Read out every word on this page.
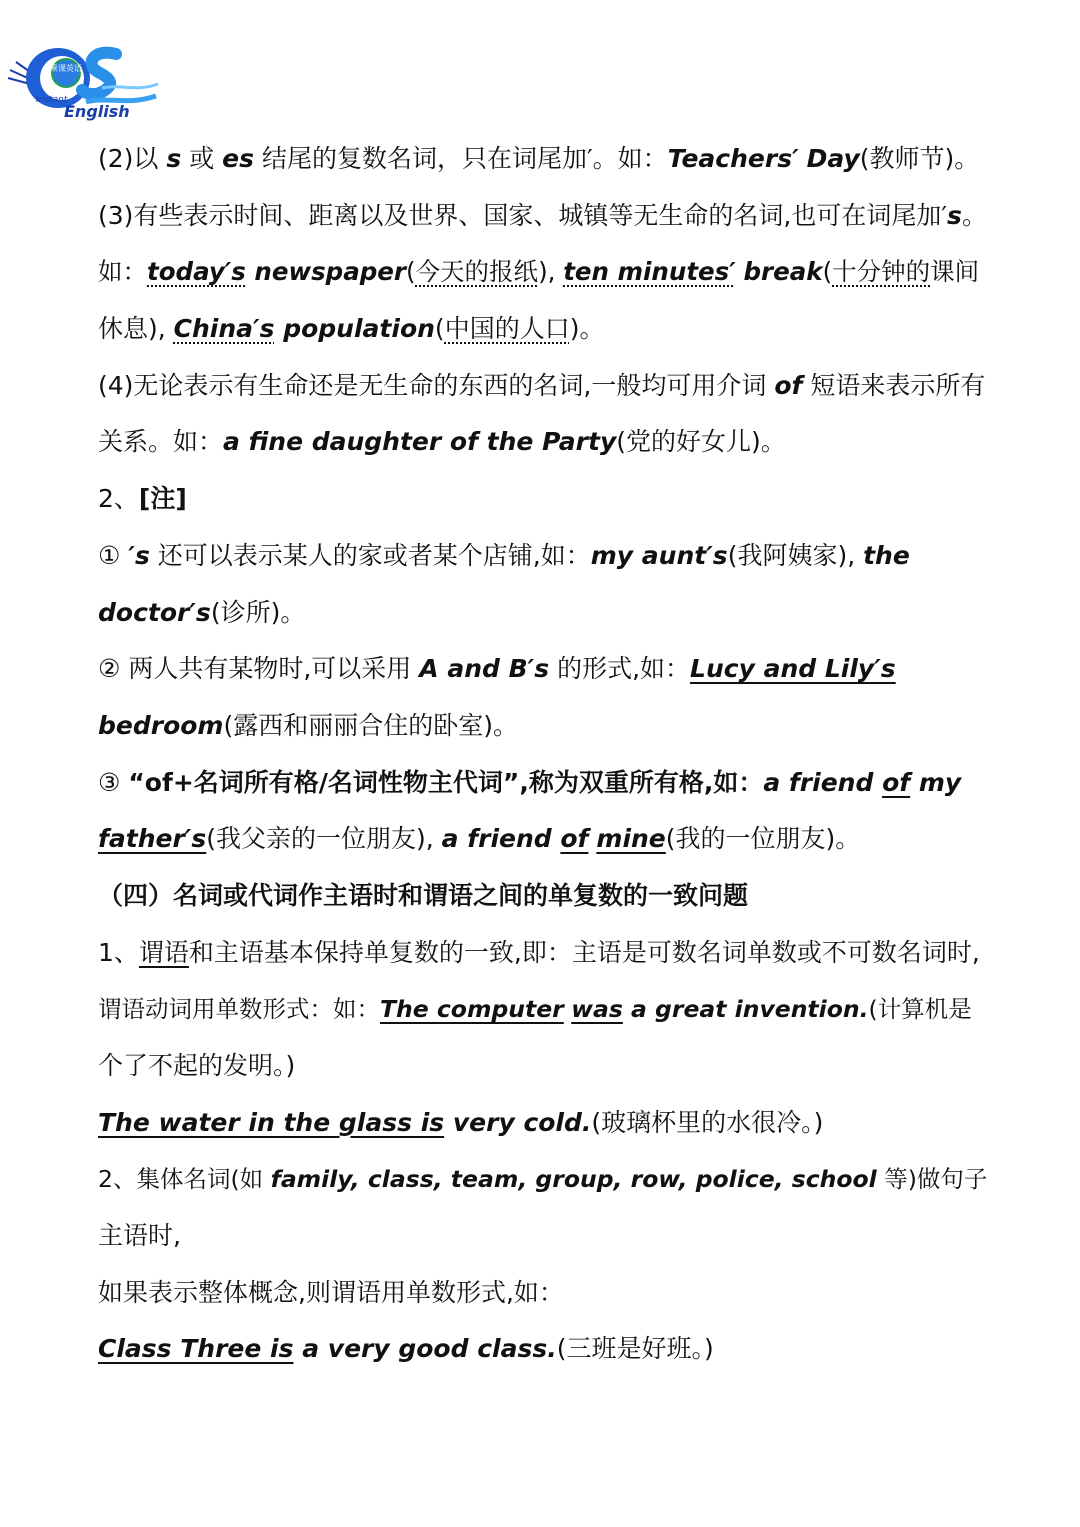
乘课英语
Instant
English
(2)以 s 或 es 结尾的复数名词，只在词尾加′。如：Teachers′ Day(教师节)。
(3)有些表示时间、距离以及世界、国家、城镇等无生命的名词,也可在词尾加′s。
如：today′s newspaper(今天的报纸), ten minutes′ break(十分钟的课间
休息), China′s population(中国的人口)。
(4)无论表示有生命还是无生命的东西的名词,一般均可用介词 of 短语来表示所有
关系。如：a fine daughter of the Party(党的好女儿)。
2、[注]
① ′s 还可以表示某人的家或者某个店铺,如：my aunt′s(我阿姨家), the
doctor′s(诊所)。
② 两人共有某物时,可以采用 A and B′s 的形式,如：Lucy and Lily′s
bedroom(露西和丽丽合住的卧室)。
③ “of+名词所有格/名词性物主代词”,称为双重所有格,如：a friend of my
father′s(我父亲的一位朋友), a friend of mine(我的一位朋友)。
（四）名词或代词作主语时和谓语之间的单复数的一致问题
1、谓语和主语基本保持单复数的一致,即：主语是可数名词单数或不可数名词时,
谓语动词用单数形式：如：The computer was a great invention.(计算机是
个了不起的发明。)
The water in the glass is very cold.(玻璃杯里的水很冷。)
2、集体名词(如 family, class, team, group, row, police, school 等)做句子
主语时,
如果表示整体概念,则谓语用单数形式,如：
Class Three is a very good class.(三班是好班。)
